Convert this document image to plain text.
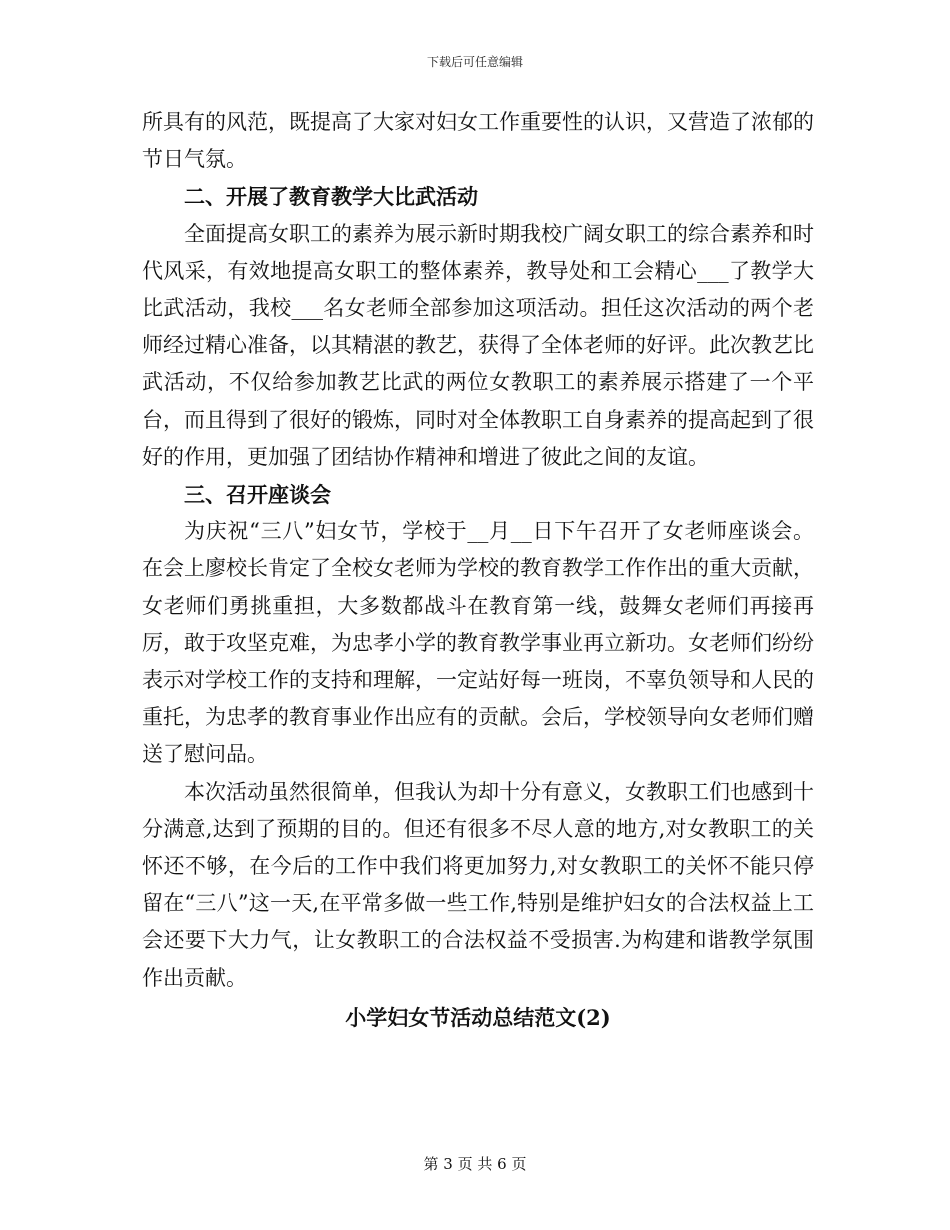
下载后可任意编辑

所具有的风范，既提高了大家对妇女工作重要性的认识，又营造了浓郁的节日气氛。

二、开展了教育教学大比武活动

全面提高女职工的素养为展示新时期我校广阔女职工的综合素养和时代风采，有效地提高女职工的整体素养，教导处和工会精心___了教学大比武活动，我校___名女老师全部参加这项活动。担任这次活动的两个老师经过精心准备，以其精湛的教艺，获得了全体老师的好评。此次教艺比武活动，不仅给参加教艺比武的两位女教职工的素养展示搭建了一个平台，而且得到了很好的锻炼，同时对全体教职工自身素养的提高起到了很好的作用，更加强了团结协作精神和增进了彼此之间的友谊。

三、召开座谈会

为庆祝“三八”妇女节，学校于__月__日下午召开了女老师座谈会。在会上廖校长肯定了全校女老师为学校的教育教学工作作出的重大贡献，女老师们勇挑重担，大多数都战斗在教育第一线，鼓舞女老师们再接再厉，敢于攻坚克难，为忠孝小学的教育教学事业再立新功。女老师们纷纷表示对学校工作的支持和理解，一定站好每一班岗，不辜负领导和人民的重托，为忠孝的教育事业作出应有的贡献。会后，学校领导向女老师们赠送了慰问品。

本次活动虽然很简单，但我认为却十分有意义，女教职工们也感到十分满意,达到了预期的目的。但还有很多不尽人意的地方,对女教职工的关怀还不够，在今后的工作中我们将更加努力,对女教职工的关怀不能只停留在“三八”这一天,在平常多做一些工作,特别是维护妇女的合法权益上工会还要下大力气，让女教职工的合法权益不受损害.为构建和谐教学氛围作出贡献。

小学妇女节活动总结范文(2)

第 3 页 共 6 页
